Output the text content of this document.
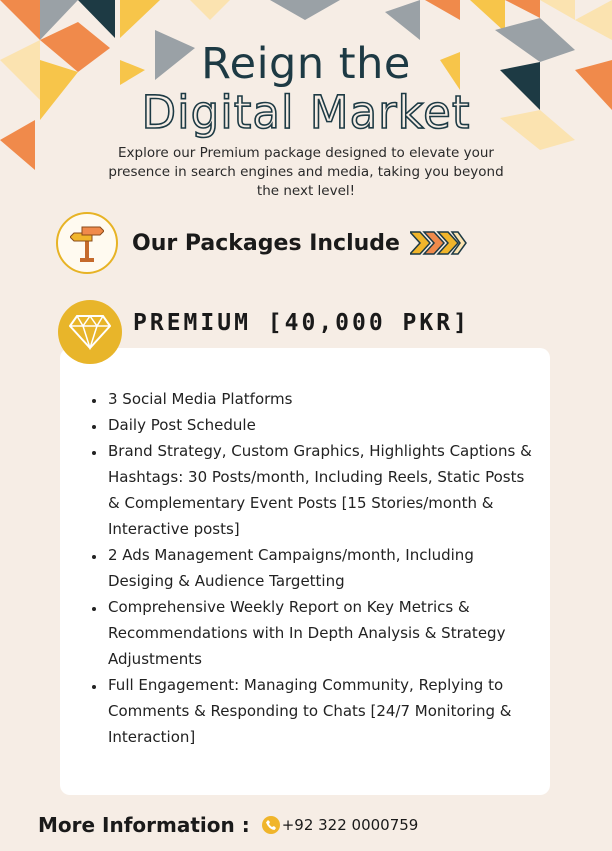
Reign the
Digital Market
Explore our Premium package designed to elevate your presence in search engines and media, taking you beyond the next level!
Our Packages Include
PREMIUM [40,000 PKR]
• 3 Social Media Platforms
• Daily Post Schedule
• Brand Strategy, Custom Graphics, Highlights Captions & Hashtags: 30 Posts/month, Including Reels, Static Posts & Complementary Event Posts [15 Stories/month & Interactive posts]
• 2 Ads Management Campaigns/month, Including Desiging & Audience Targetting
• Comprehensive Weekly Report on Key Metrics & Recommendations with In Depth Analysis & Strategy Adjustments
• Full Engagement: Managing Community, Replying to Comments & Responding to Chats [24/7 Monitoring & Interaction]
More Information : +92 322 0000759
